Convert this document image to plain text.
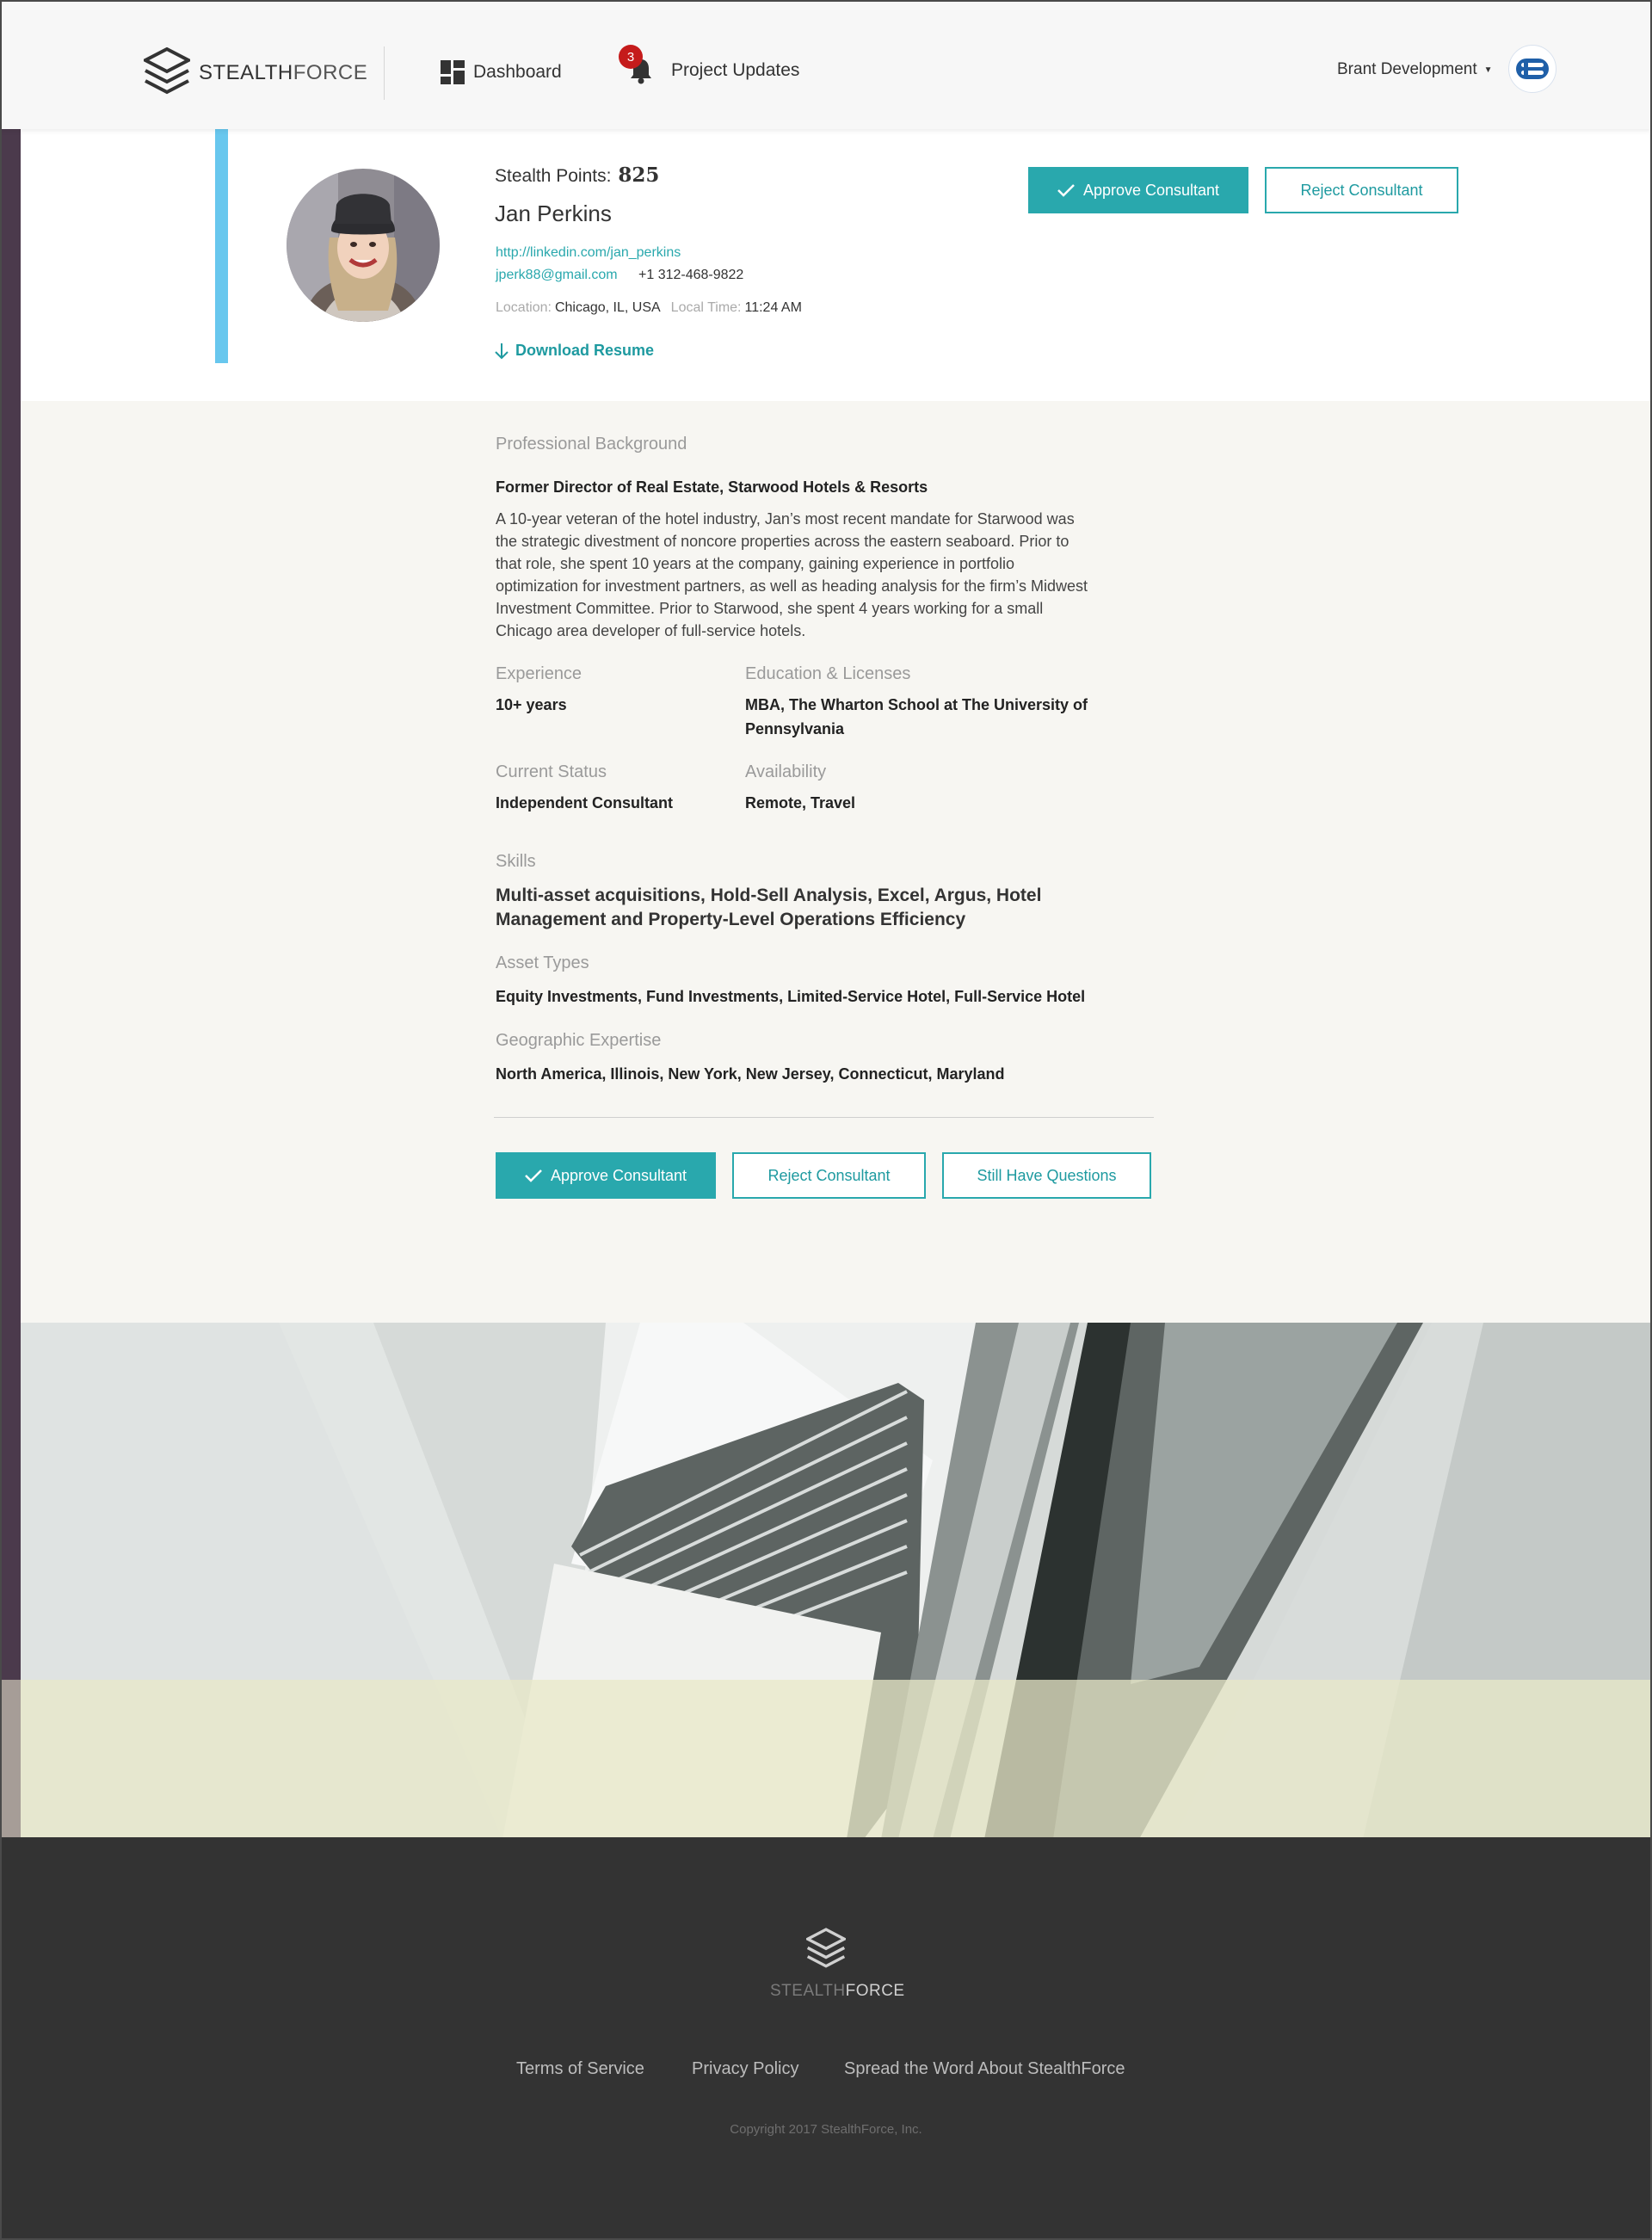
STEALTHFORCE	Dashboard
3
Project Updates	Brant Development ▼
Stealth Points: 825
Jan Perkins
http://linkedin.com/jan_perkins
jperk88@gmail.com +1 312-468-9822
Location: Chicago, IL, USA Local Time: 11:24 AM
Download Resume
Approve Consultant	Reject Consultant
Professional Background
Former Director of Real Estate, Starwood Hotels & Resorts
A 10-year veteran of the hotel industry, Jan’s most recent mandate for Starwood was the strategic divestment of noncore properties across the eastern seaboard. Prior to that role, she spent 10 years at the company, gaining experience in portfolio optimization for investment partners, as well as heading analysis for the firm’s Midwest Investment Committee. Prior to Starwood, she spent 4 years working for a small Chicago area developer of full-service hotels.
Experience
10+ years
Education & Licenses
MBA, The Wharton School at The University of Pennsylvania
Current Status
Independent Consultant
Availability
Remote, Travel
Skills
Multi-asset acquisitions, Hold-Sell Analysis, Excel, Argus, Hotel Management and Property-Level Operations Efficiency
Asset Types
Equity Investments, Fund Investments, Limited-Service Hotel, Full-Service Hotel
Geographic Expertise
North America, Illinois, New York, New Jersey, Connecticut, Maryland
Approve Consultant	Reject Consultant	Still Have Questions
STEALTHFORCE
Terms of Service	Privacy Policy	Spread the Word About StealthForce
Copyright 2017 StealthForce, Inc.
